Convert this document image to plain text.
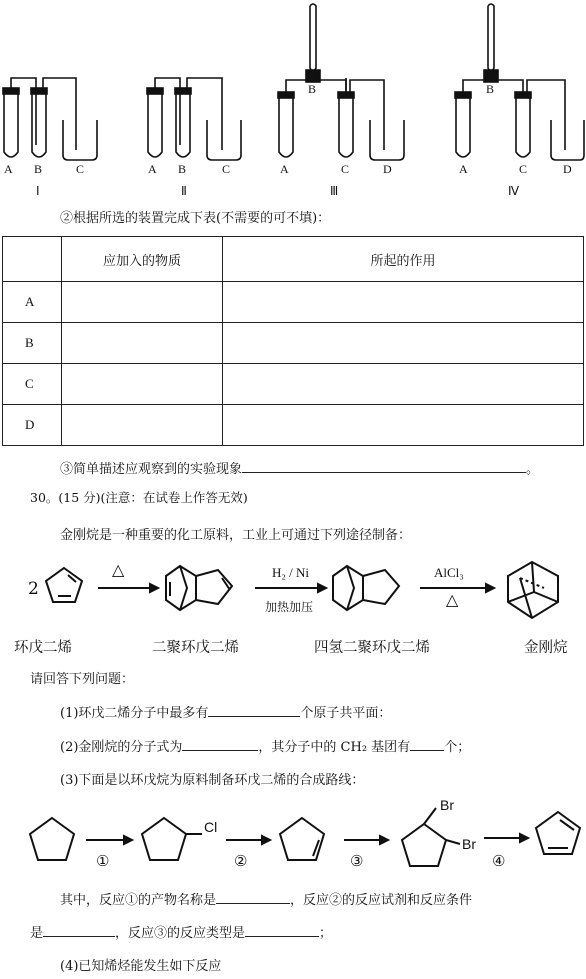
A B	C
Ⅰ
A B	C
Ⅱ
A
B
C	D
Ⅲ
A
B
C	D
Ⅳ
②根据所选的装置完成下表(不需要的可不填)：
	应加入的物质	所起的作用
A		
B		
C		
D		
③简单描述应观察到的实验现象	。
30。(15 分)(注意：在试卷上作答无效)
金刚烷是一种重要的化工原料，工业上可通过下列途径制备：
2
△	H₂ / Ni
加热加压
AlCl₃
△
环戊二烯	二聚环戊二烯	四氢二聚环戊二烯	金刚烷
请回答下列问题：
(1)环戊二烯分子中最多有	个原子共平面：
(2)金刚烷的分子式为	，其分子中的 CH₂ 基团有	个；
(3)下面是以环戊烷为原料制备环戊二烯的合成路线：
Cl
Br
Br
①	②	③	④
其中，反应①的产物名称是	，反应②的反应试剂和反应条件
是	，反应③的反应类型是	；
(4)已知烯烃能发生如下反应
